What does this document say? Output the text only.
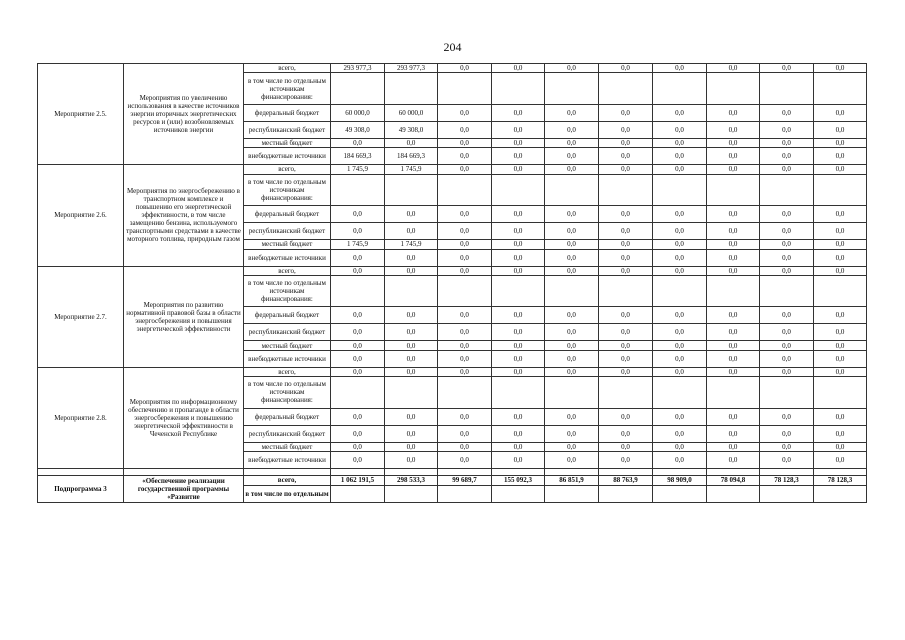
204
Мероприятие 2.5.	Мероприятия по увеличению использования в качестве источников энергии вторичных энергетических ресурсов и (или) возобновляемых источников энергии	всего,	293 977,3	293 977,3	0,0	0,0	0,0	0,0	0,0	0,0	0,0	0,0
		в том числе по отдельным источникам финансирования:										
		федеральный бюджет	60 000,0	60 000,0	0,0	0,0	0,0	0,0	0,0	0,0	0,0	0,0
		республиканский бюджет	49 308,0	49 308,0	0,0	0,0	0,0	0,0	0,0	0,0	0,0	0,0
		местный бюджет	0,0	0,0	0,0	0,0	0,0	0,0	0,0	0,0	0,0	0,0
		внебюджетные источники	184 669,3	184 669,3	0,0	0,0	0,0	0,0	0,0	0,0	0,0	0,0
Мероприятие 2.6.	Мероприятия по энергосбережению в транспортном комплексе и повышению его энергетической эффективности, в том числе замещению бензина, используемого транспортными средствами в качестве моторного топлива, природным газом	всего,	1 745,9	1 745,9	0,0	0,0	0,0	0,0	0,0	0,0	0,0	0,0
		в том числе по отдельным источникам финансирования:										
		федеральный бюджет	0,0	0,0	0,0	0,0	0,0	0,0	0,0	0,0	0,0	0,0
		республиканский бюджет	0,0	0,0	0,0	0,0	0,0	0,0	0,0	0,0	0,0	0,0
		местный бюджет	1 745,9	1 745,9	0,0	0,0	0,0	0,0	0,0	0,0	0,0	0,0
		внебюджетные источники	0,0	0,0	0,0	0,0	0,0	0,0	0,0	0,0	0,0	0,0
Мероприятие 2.7.	Мероприятия по развитию нормативной правовой базы в области энергосбережения и повышения энергетической эффективности	всего,	0,0	0,0	0,0	0,0	0,0	0,0	0,0	0,0	0,0	0,0
		в том числе по отдельным источникам финансирования:										
		федеральный бюджет	0,0	0,0	0,0	0,0	0,0	0,0	0,0	0,0	0,0	0,0
		республиканский бюджет	0,0	0,0	0,0	0,0	0,0	0,0	0,0	0,0	0,0	0,0
		местный бюджет	0,0	0,0	0,0	0,0	0,0	0,0	0,0	0,0	0,0	0,0
		внебюджетные источники	0,0	0,0	0,0	0,0	0,0	0,0	0,0	0,0	0,0	0,0
Мероприятие 2.8.	Мероприятия по информационному обеспечению и пропаганде в области энергосбережения и повышению энергетической эффективности в Чеченской Республике	всего,	0,0	0,0	0,0	0,0	0,0	0,0	0,0	0,0	0,0	0,0
		в том числе по отдельным источникам финансирования:										
		федеральный бюджет	0,0	0,0	0,0	0,0	0,0	0,0	0,0	0,0	0,0	0,0
		республиканский бюджет	0,0	0,0	0,0	0,0	0,0	0,0	0,0	0,0	0,0	0,0
		местный бюджет	0,0	0,0	0,0	0,0	0,0	0,0	0,0	0,0	0,0	0,0
		внебюджетные источники	0,0	0,0	0,0	0,0	0,0	0,0	0,0	0,0	0,0	0,0

Подпрограмма 3	«Обеспечение реализации государственной программы «Развитие	всего,	1 062 191,5	298 533,3	99 689,7	155 092,3	86 851,9	88 763,9	98 909,0	78 094,8	78 128,3	78 128,3
		в том числе по отдельным										
